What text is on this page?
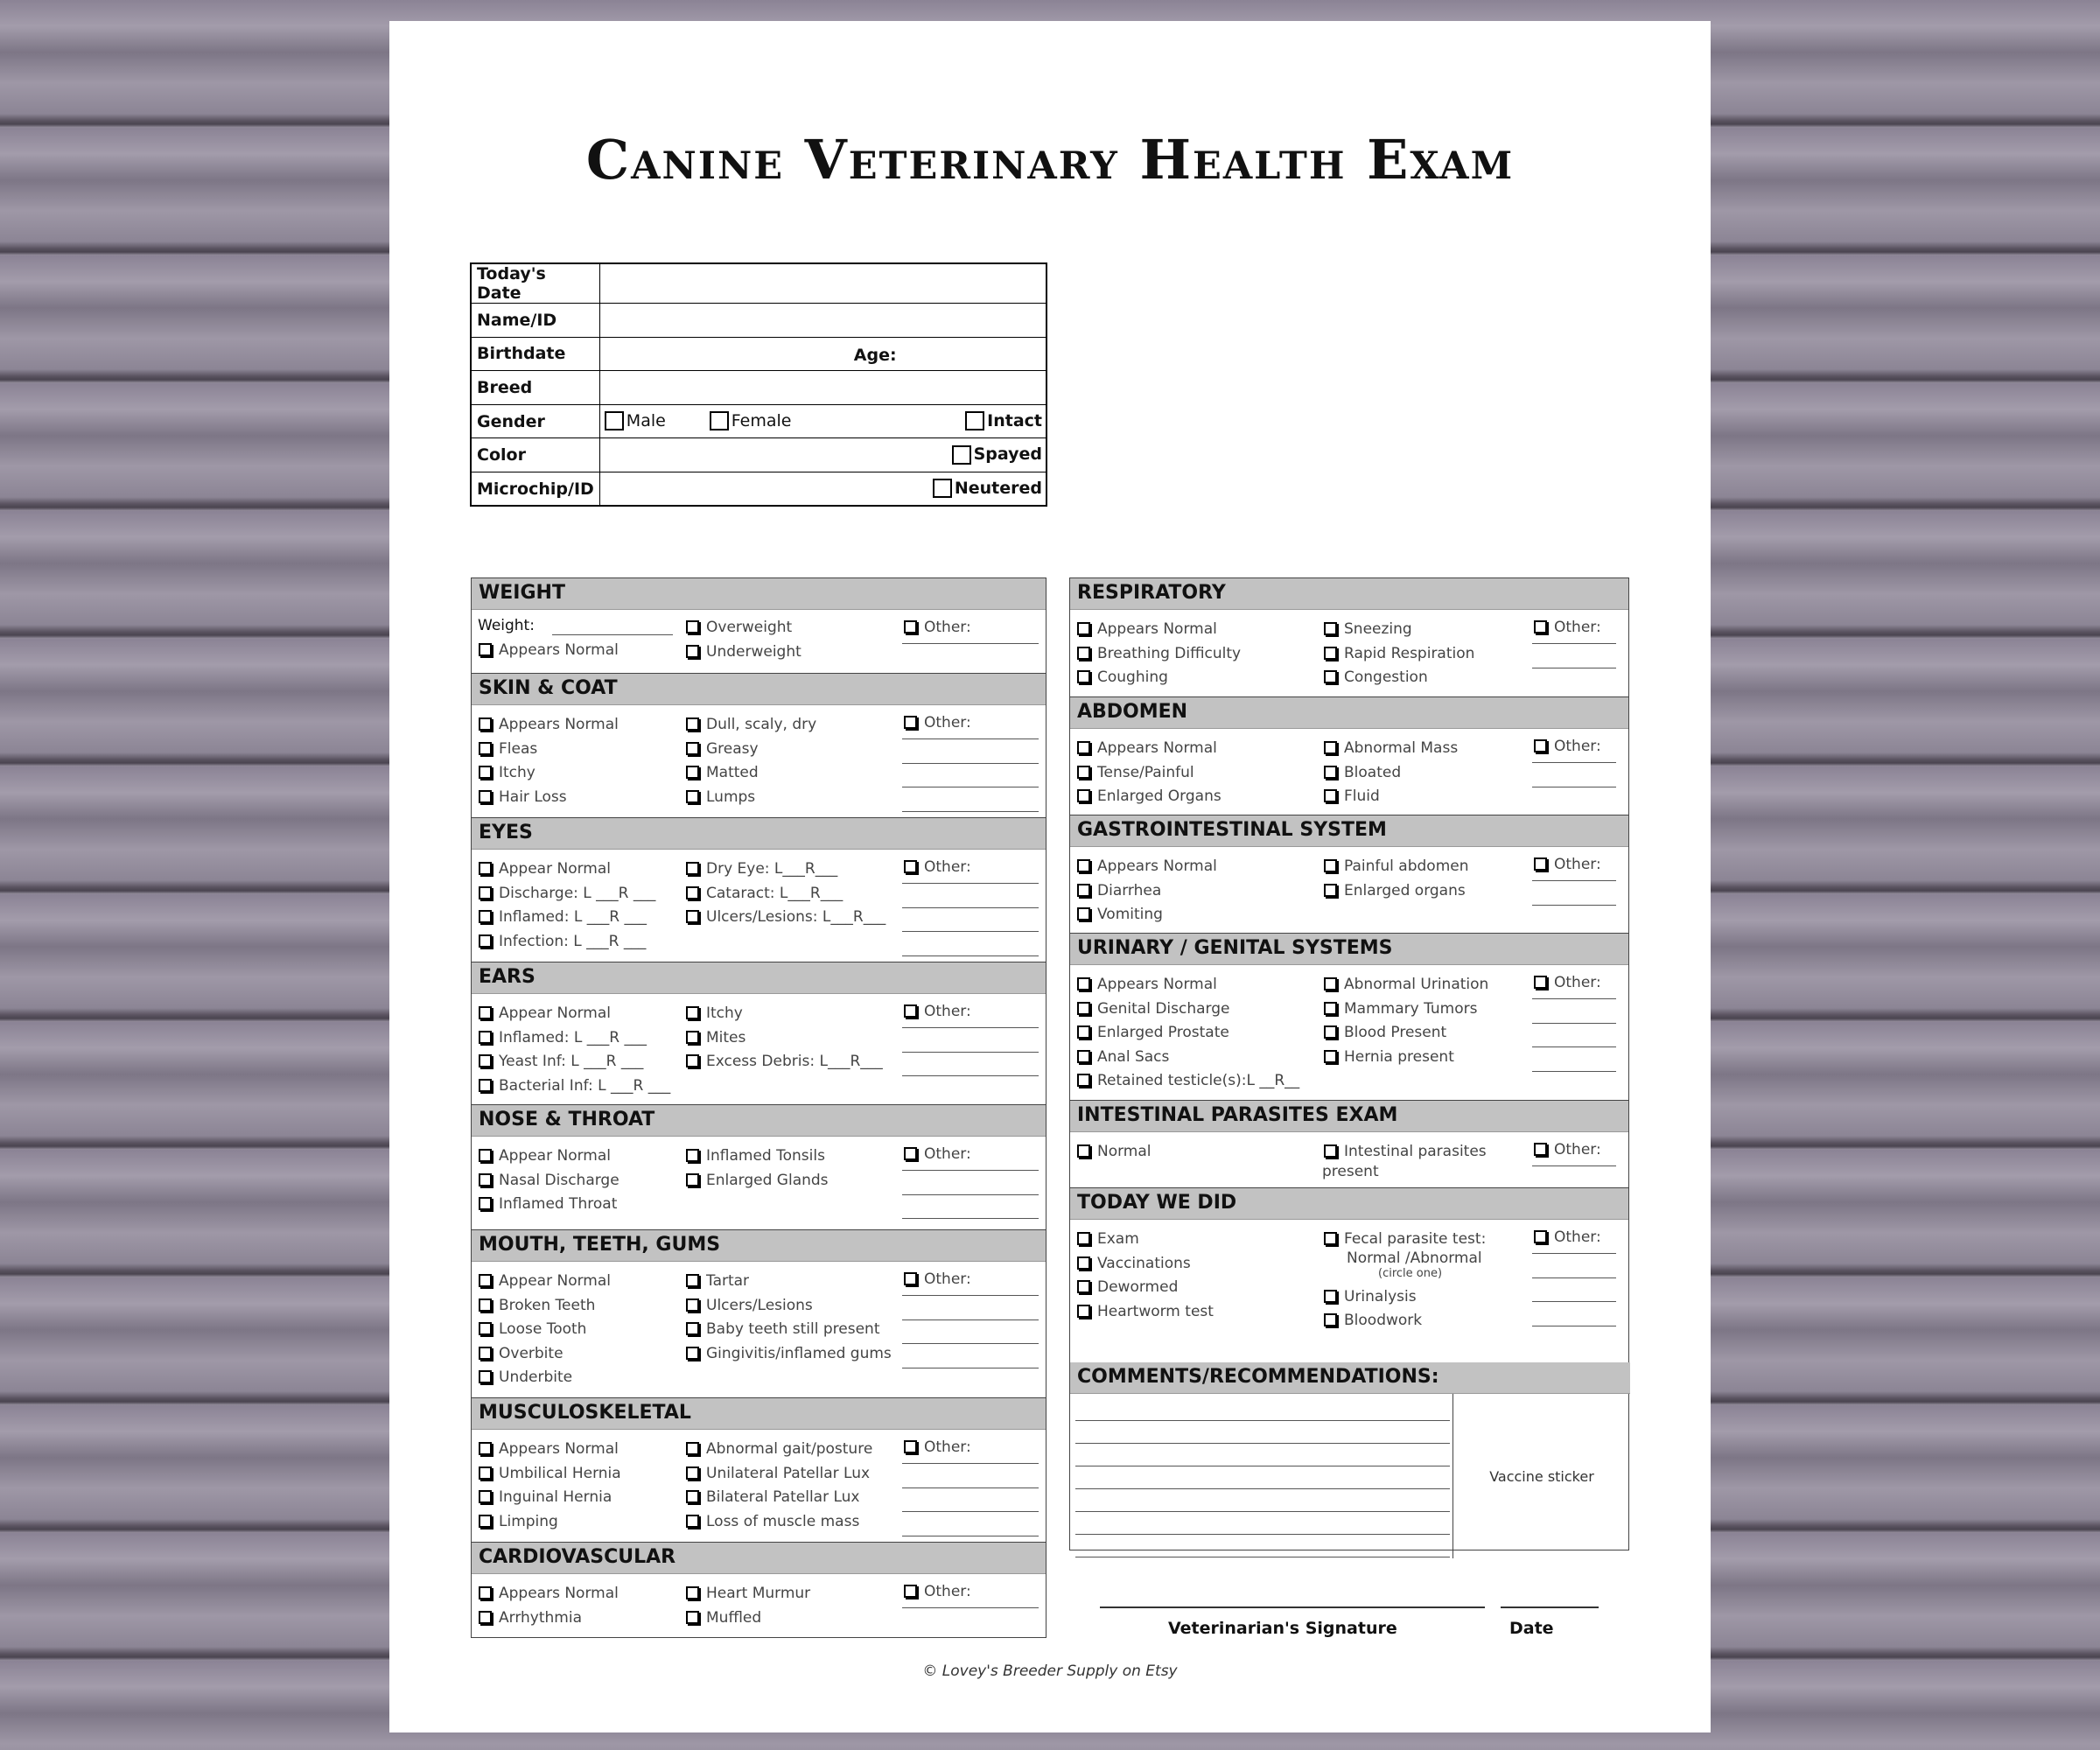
Canine Veterinary Health Exam
Today's Date	
Name/ID	
Birthdate	Age:

Breed	
Gender	Male Female Intact

Color	Spayed

Microchip/ID	Neutered
WEIGHT
Weight:
Appears Normal
Overweight
Underweight
Other:
SKIN & COAT
Appears Normal
Fleas
Itchy
Hair Loss
Dull, scaly, dry
Greasy
Matted
Lumps
Other:
EYES
Appear Normal
Discharge: L ___R ___
Inflamed: L ___R ___
Infection: L ___R ___
Dry Eye: L___R___
Cataract: L___R___
Ulcers/Lesions: L___R___
Other:
EARS
Appear Normal
Inflamed: L ___R ___
Yeast Inf: L ___R ___
Bacterial Inf: L ___R ___
Itchy
Mites
Excess Debris: L___R___
Other:
NOSE & THROAT
Appear Normal
Nasal Discharge
Inflamed Throat
Inflamed Tonsils
Enlarged Glands
Other:
MOUTH, TEETH, GUMS
Appear Normal
Broken Teeth
Loose Tooth
Overbite
Underbite
Tartar
Ulcers/Lesions
Baby teeth still present
Gingivitis/inflamed gums
Other:
MUSCULOSKELETAL
Appears Normal
Umbilical Hernia
Inguinal Hernia
Limping
Abnormal gait/posture
Unilateral Patellar Lux
Bilateral Patellar Lux
Loss of muscle mass
Other:
CARDIOVASCULAR
Appears Normal
Arrhythmia
Heart Murmur
Muffled
Other:
COMMENTS/RECOMMENDATIONS:
Vaccine sticker
RESPIRATORY
Appears Normal
Breathing Difficulty
Coughing
Sneezing
Rapid Respiration
Congestion
Other:
ABDOMEN
Appears Normal
Tense/Painful
Enlarged Organs
Abnormal Mass
Bloated
Fluid
Other:
GASTROINTESTINAL SYSTEM
Appears Normal
Diarrhea
Vomiting
Painful abdomen
Enlarged organs
Other:
URINARY / GENITAL SYSTEMS
Appears Normal
Genital Discharge
Enlarged Prostate
Anal Sacs
Retained testicle(s):L __R__
Abnormal Urination
Mammary Tumors
Blood Present
Hernia present
Other:
INTESTINAL PARASITES EXAM
Normal	Intestinal parasites
present
Other:
TODAY WE DID
Exam
Vaccinations
Dewormed
Heartworm test
Fecal parasite test:
Urinalysis
Bloodwork
Normal /Abnormal
(circle one)
Other:
Veterinarian's Signature	Date
© Lovey's Breeder Supply on Etsy
